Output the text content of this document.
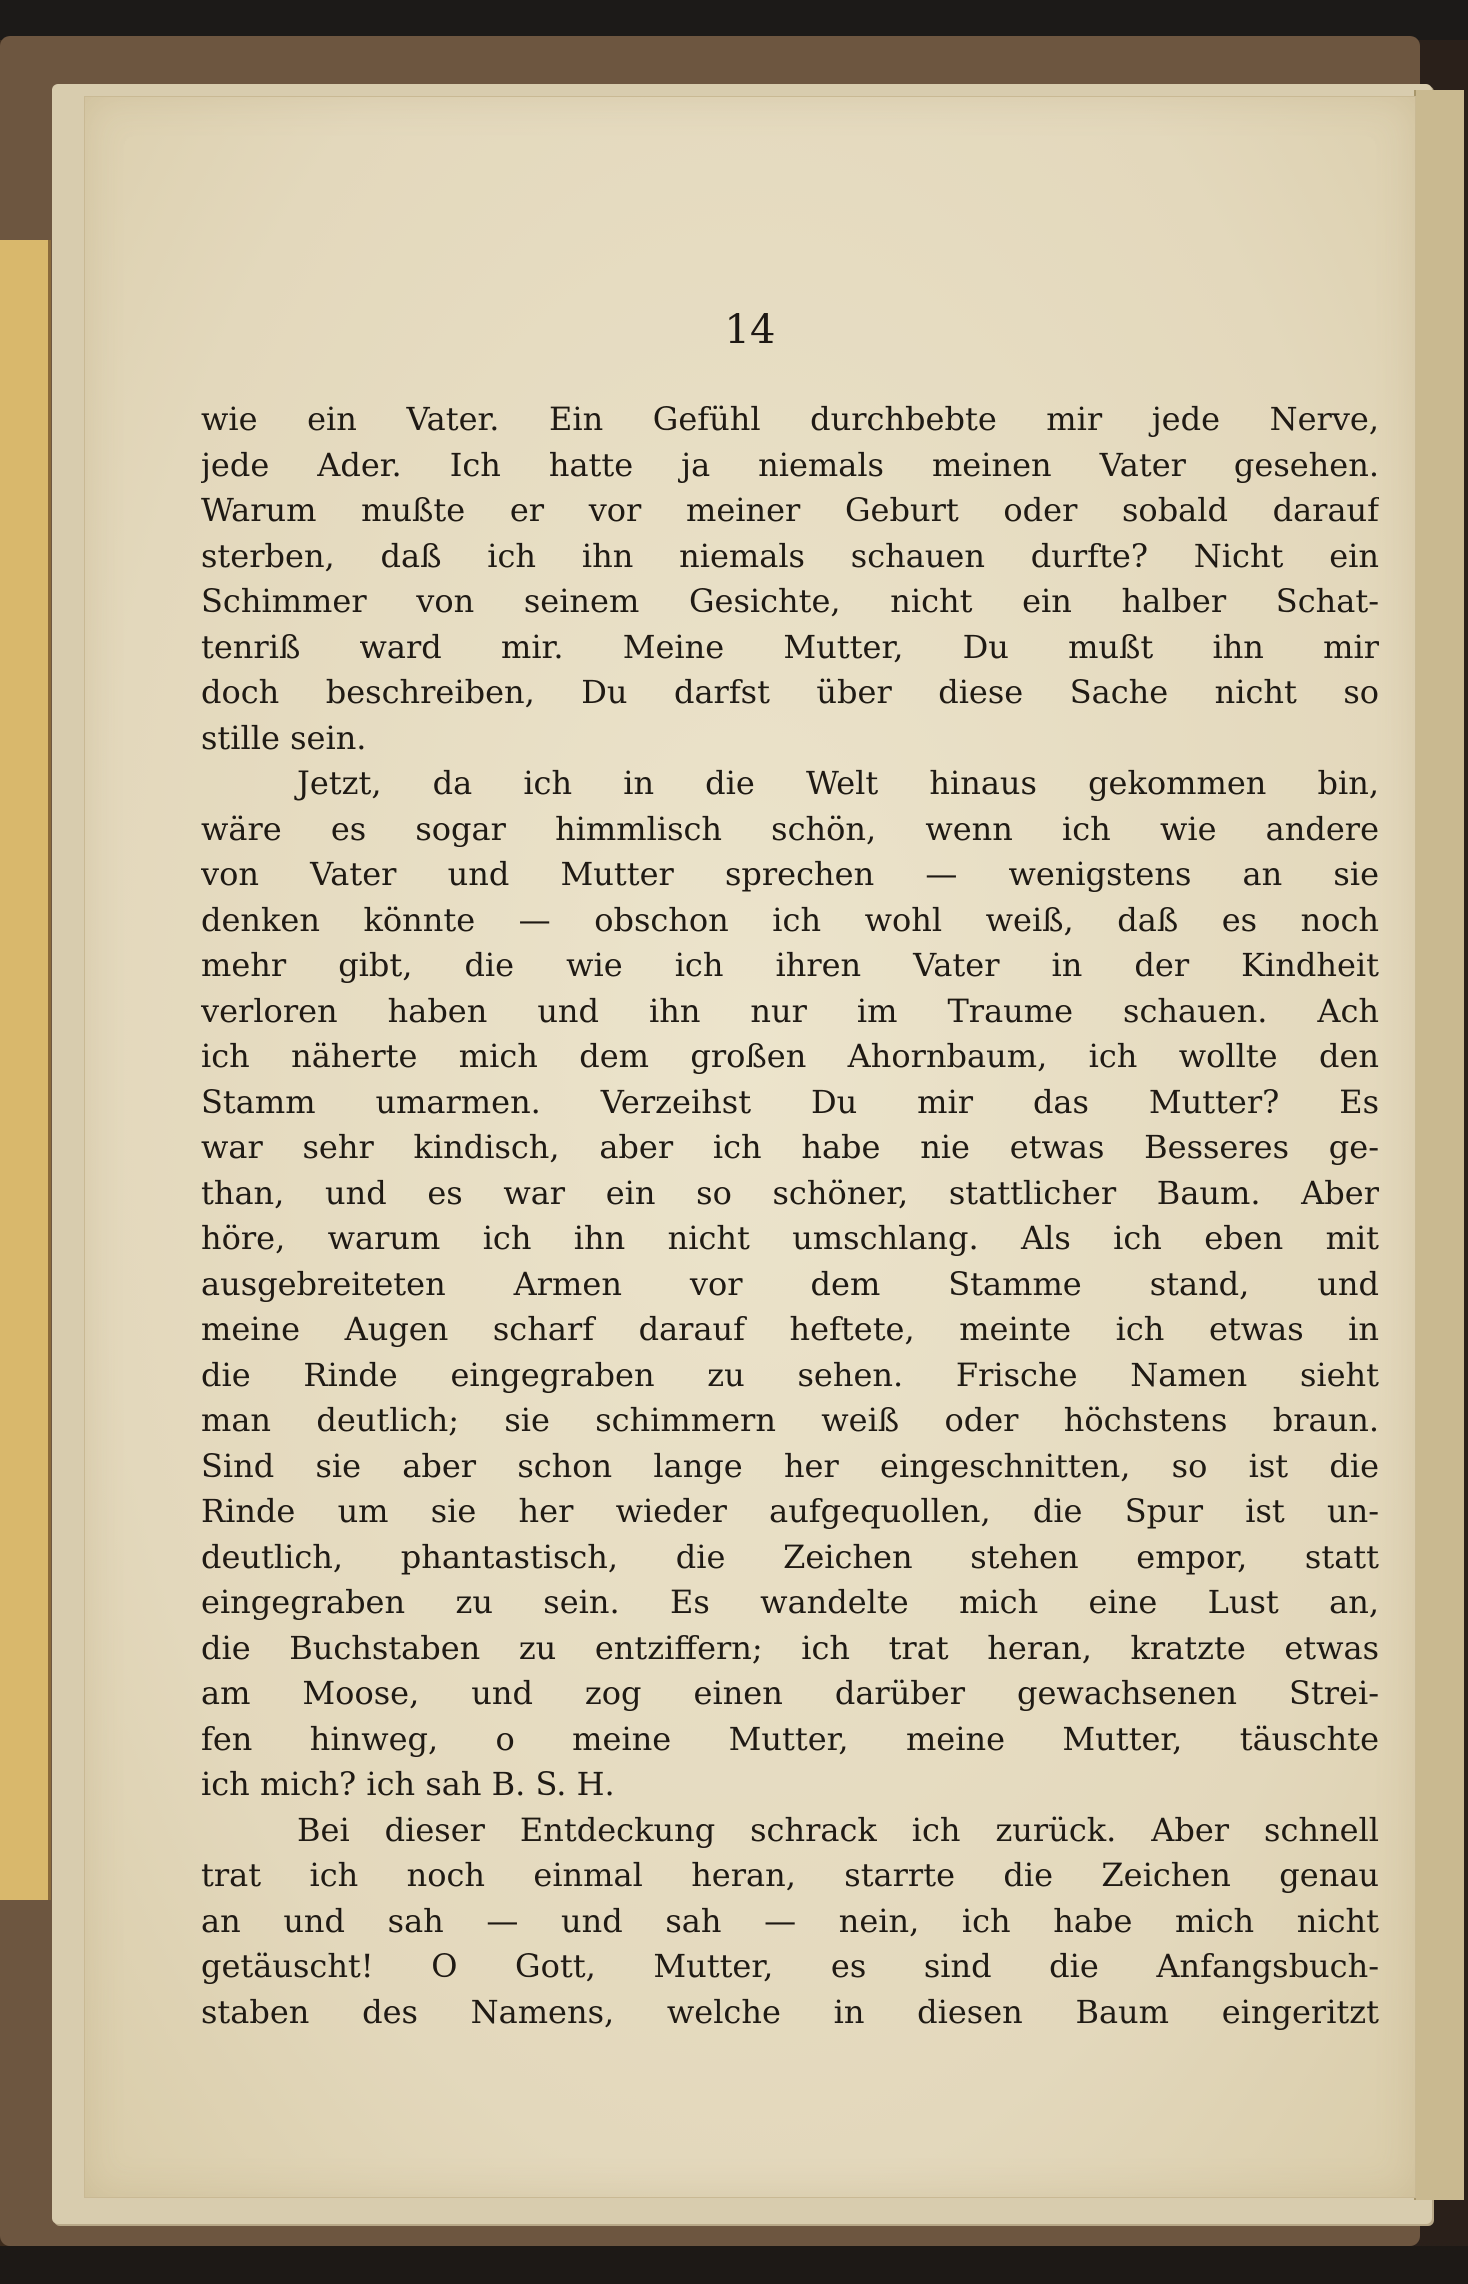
14

wie ein Vater. Ein Gefühl durchbebte mir jede Nerve,
jede Ader. Ich hatte ja niemals meinen Vater gesehen.
Warum mußte er vor meiner Geburt oder sobald darauf
sterben, daß ich ihn niemals schauen durfte? Nicht ein
Schimmer von seinem Gesichte, nicht ein halber Schat-
tenriß ward mir. Meine Mutter, Du mußt ihn mir
doch beschreiben, Du darfst über diese Sache nicht so
stille sein.

Jetzt, da ich in die Welt hinaus gekommen bin,
wäre es sogar himmlisch schön, wenn ich wie andere
von Vater und Mutter sprechen — wenigstens an sie
denken könnte — obschon ich wohl weiß, daß es noch
mehr gibt, die wie ich ihren Vater in der Kindheit
verloren haben und ihn nur im Traume schauen. Ach
ich näherte mich dem großen Ahornbaum, ich wollte den
Stamm umarmen. Verzeihst Du mir das Mutter? Es
war sehr kindisch, aber ich habe nie etwas Besseres ge-
than, und es war ein so schöner, stattlicher Baum. Aber
höre, warum ich ihn nicht umschlang. Als ich eben mit
ausgebreiteten Armen vor dem Stamme stand, und
meine Augen scharf darauf heftete, meinte ich etwas in
die Rinde eingegraben zu sehen. Frische Namen sieht
man deutlich; sie schimmern weiß oder höchstens braun.
Sind sie aber schon lange her eingeschnitten, so ist die
Rinde um sie her wieder aufgequollen, die Spur ist un-
deutlich, phantastisch, die Zeichen stehen empor, statt
eingegraben zu sein. Es wandelte mich eine Lust an,
die Buchstaben zu entziffern; ich trat heran, kratzte etwas
am Moose, und zog einen darüber gewachsenen Strei-
fen hinweg, o meine Mutter, meine Mutter, täuschte
ich mich? ich sah B. S. H.

Bei dieser Entdeckung schrack ich zurück. Aber schnell
trat ich noch einmal heran, starrte die Zeichen genau
an und sah — und sah — nein, ich habe mich nicht
getäuscht! O Gott, Mutter, es sind die Anfangsbuch-
staben des Namens, welche in diesen Baum eingeritzt
